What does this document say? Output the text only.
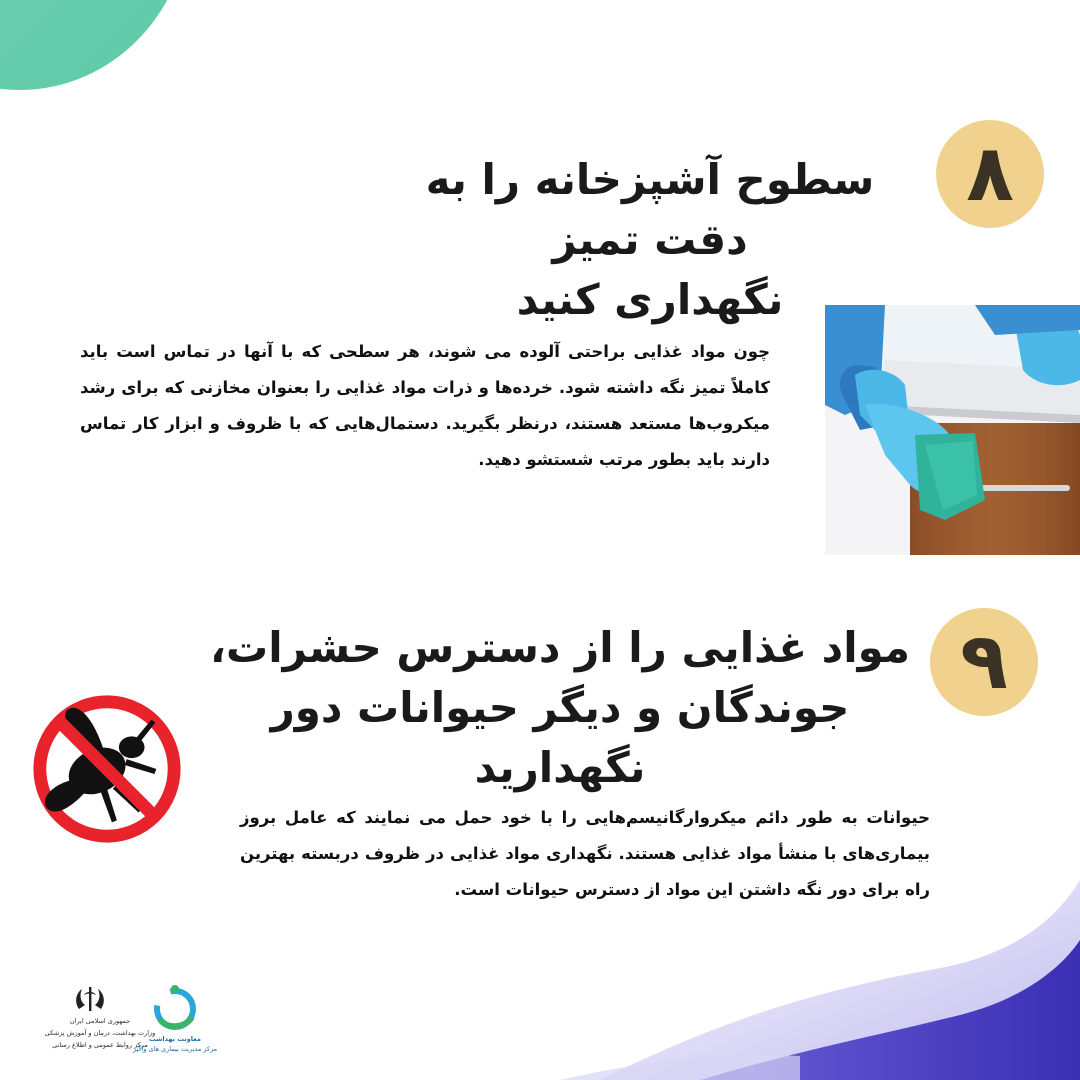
۸
سطوح آشپزخانه را به دقت تمیز
نگهداری کنید
چون مواد غذایی براحتی آلوده می شوند، هر سطحی که با آنها در تماس است باید کاملاً تمیز نگه داشته شود. خرده‌ها و ذرات مواد غذایی را بعنوان مخازنی که برای رشد میکروب‌ها مستعد هستند، درنظر بگیرید. دستمال‌هایی که با ظروف و ابزار کار تماس دارند باید بطور مرتب شستشو دهید.
۹
مواد غذایی را از دسترس حشرات،
جوندگان و دیگر حیوانات دور نگهدارید
حیوانات به طور دائم میکروارگانیسم‌هایی را با خود حمل می نمایند که عامل بروز بیماری‌های با منشأ مواد غذایی هستند. نگهداری مواد غذایی در ظروف دربسته بهترین راه برای دور نگه داشتن این مواد از دسترس حیوانات است.
جمهوری اسلامی ایران
وزارت بهداشت، درمان و آموزش پزشکی
مرکز روابط عمومی و اطلاع رسانی
معاونت بهداشت
مرکز مدیریت بیماری های واگیر
